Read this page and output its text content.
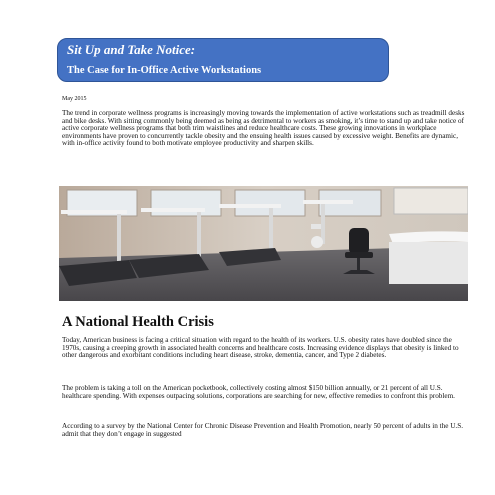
Sit Up and Take Notice:
The Case for In-Office Active Workstations
May 2015

The trend in corporate wellness programs is increasingly moving towards the implementation of active workstations such as treadmill desks and bike desks. With sitting commonly being deemed as being as detrimental to workers as smoking, it’s time to stand up and take notice of active corporate wellness programs that both trim waistlines and reduce healthcare costs. These growing innovations in workplace environments have proven to concurrently tackle obesity and the ensuing health issues caused by excessive weight. Benefits are dynamic, with in-office activity found to both motivate employee productivity and sharpen skills.

A National Health Crisis

Today, American business is facing a critical situation with regard to the health of its workers. U.S. obesity rates have doubled since the 1970s, causing a creeping growth in associated health concerns and healthcare costs. Increasing evidence displays that obesity is linked to other dangerous and exorbitant conditions including heart disease, stroke, dementia, cancer, and Type 2 diabetes.

The problem is taking a toll on the American pocketbook, collectively costing almost $150 billion annually, or 21 percent of all U.S. healthcare spending. With expenses outpacing solutions, corporations are searching for new, effective remedies to confront this problem.

According to a survey by the National Center for Chronic Disease Prevention and Health Promotion, nearly 50 percent of adults in the U.S. admit that they don’t engage in suggested
